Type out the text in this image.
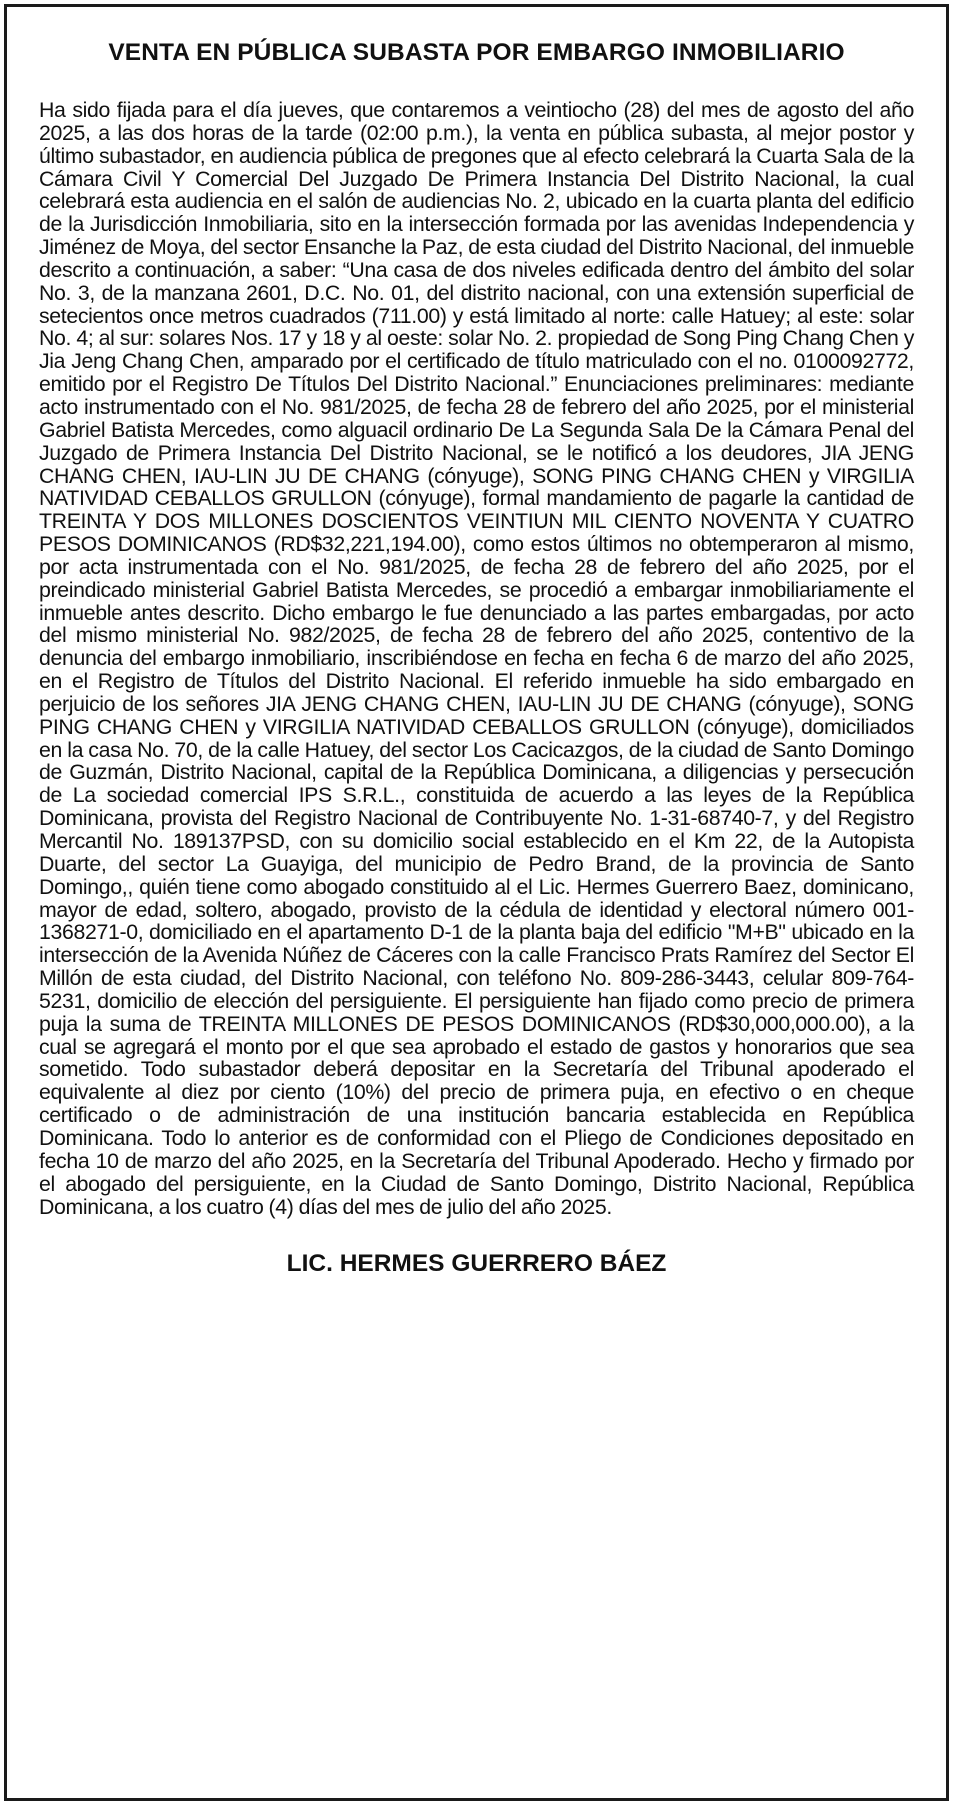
VENTA EN PÚBLICA SUBASTA POR EMBARGO INMOBILIARIO

Ha sido fijada para el día jueves, que contaremos a veintiocho (28) del mes de agosto del año 2025, a las dos horas de la tarde (02:00 p.m.), la venta en pública subasta, al mejor postor y último subastador, en audiencia pública de pregones que al efecto celebrará la Cuarta Sala de la Cámara Civil Y Comercial Del Juzgado De Primera Instancia Del Distrito Nacional, la cual celebrará esta audiencia en el salón de audiencias No. 2, ubicado en la cuarta planta del edificio de la Jurisdicción Inmobiliaria, sito en la intersección formada por las avenidas Independencia y Jiménez de Moya, del sector Ensanche la Paz, de esta ciudad del Distrito Nacional, del inmueble descrito a continuación, a saber: “Una casa de dos niveles edificada dentro del ámbito del solar No. 3, de la manzana 2601, D.C. No. 01, del distrito nacional, con una extensión superficial de setecientos once metros cuadrados (711.00) y está limitado al norte: calle Hatuey; al este: solar No. 4; al sur: solares Nos. 17 y 18 y al oeste: solar No. 2. propiedad de Song Ping Chang Chen y Jia Jeng Chang Chen, amparado por el certificado de título matriculado con el no. 0100092772, emitido por el Registro De Títulos Del Distrito Nacional.” Enunciaciones preliminares: mediante acto instrumentado con el No. 981/2025, de fecha 28 de febrero del año 2025, por el ministerial Gabriel Batista Mercedes, como alguacil ordinario De La Segunda Sala De la Cámara Penal del Juzgado de Primera Instancia Del Distrito Nacional, se le notificó a los deudores, JIA JENG CHANG CHEN, IAU-LIN JU DE CHANG (cónyuge), SONG PING CHANG CHEN y VIRGILIA NATIVIDAD CEBALLOS GRULLON (cónyuge), formal mandamiento de pagarle la cantidad de TREINTA Y DOS MILLONES DOSCIENTOS VEINTIUN MIL CIENTO NOVENTA Y CUATRO PESOS DOMINICANOS (RD$32,221,194.00), como estos últimos no obtemperaron al mismo, por acta instrumentada con el No. 981/2025, de fecha 28 de febrero del año 2025, por el preindicado ministerial Gabriel Batista Mercedes, se procedió a embargar inmobiliariamente el inmueble antes descrito. Dicho embargo le fue denunciado a las partes embargadas, por acto del mismo ministerial No. 982/2025, de fecha 28 de febrero del año 2025, contentivo de la denuncia del embargo inmobiliario, inscribiéndose en fecha en fecha 6 de marzo del año 2025, en el Registro de Títulos del Distrito Nacional. El referido inmueble ha sido embargado en perjuicio de los señores JIA JENG CHANG CHEN, IAU-LIN JU DE CHANG (cónyuge), SONG PING CHANG CHEN y VIRGILIA NATIVIDAD CEBALLOS GRULLON (cónyuge), domiciliados en la casa No. 70, de la calle Hatuey, del sector Los Cacicazgos, de la ciudad de Santo Domingo de Guzmán, Distrito Nacional, capital de la República Dominicana, a diligencias y persecución de La sociedad comercial IPS S.R.L., constituida de acuerdo a las leyes de la República Dominicana, provista del Registro Nacional de Contribuyente No. 1-31-68740-7, y del Registro Mercantil No. 189137PSD, con su domicilio social establecido en el Km 22, de la Autopista Duarte, del sector La Guayiga, del municipio de Pedro Brand, de la provincia de Santo Domingo,, quién tiene como abogado constituido al el Lic. Hermes Guerrero Baez, dominicano, mayor de edad, soltero, abogado, provisto de la cédula de identidad y electoral número 001-1368271-0, domiciliado en el apartamento D-1 de la planta baja del edificio "M+B" ubicado en la intersección de la Avenida Núñez de Cáceres con la calle Francisco Prats Ramírez del Sector El Millón de esta ciudad, del Distrito Nacional, con teléfono No. 809-286-3443, celular 809-764-5231, domicilio de elección del persiguiente. El persiguiente han fijado como precio de primera puja la suma de TREINTA MILLONES DE PESOS DOMINICANOS (RD$30,000,000.00), a la cual se agregará el monto por el que sea aprobado el estado de gastos y honorarios que sea sometido. Todo subastador deberá depositar en la Secretaría del Tribunal apoderado el equivalente al diez por ciento (10%) del precio de primera puja, en efectivo o en cheque certificado o de administración de una institución bancaria establecida en República Dominicana. Todo lo anterior es de conformidad con el Pliego de Condiciones depositado en fecha 10 de marzo del año 2025, en la Secretaría del Tribunal Apoderado. Hecho y firmado por el abogado del persiguiente, en la Ciudad de Santo Domingo, Distrito Nacional, República Dominicana, a los cuatro (4) días del mes de julio del año 2025.

LIC. HERMES GUERRERO BÁEZ
